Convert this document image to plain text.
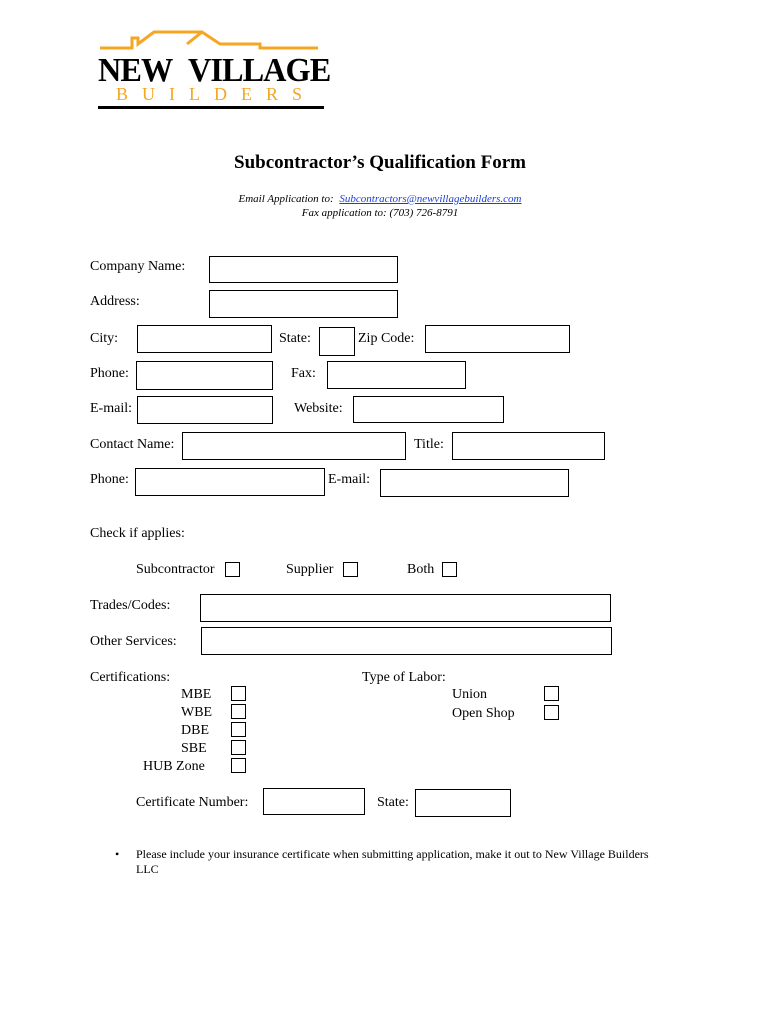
NEW VILLAGE
BUILDERS
Subcontractor’s Qualification Form
Email Application to: Subcontractors@newvillagebuilders.com
Fax application to: (703) 726-8791
Company Name:
Address:
City:	State:	Zip Code:
Phone:	Fax:
E-mail:	Website:
Contact Name:	Title:
Phone:	E-mail:
Check if applies:
Subcontractor	Supplier	Both
Trades/Codes:
Other Services:
Certifications:
MBE
WBE
DBE
SBE
HUB Zone
Type of Labor:
Union
Open Shop
Certificate Number:	State:
• Please include your insurance certificate when submitting application, make it out to New Village Builders
LLC
